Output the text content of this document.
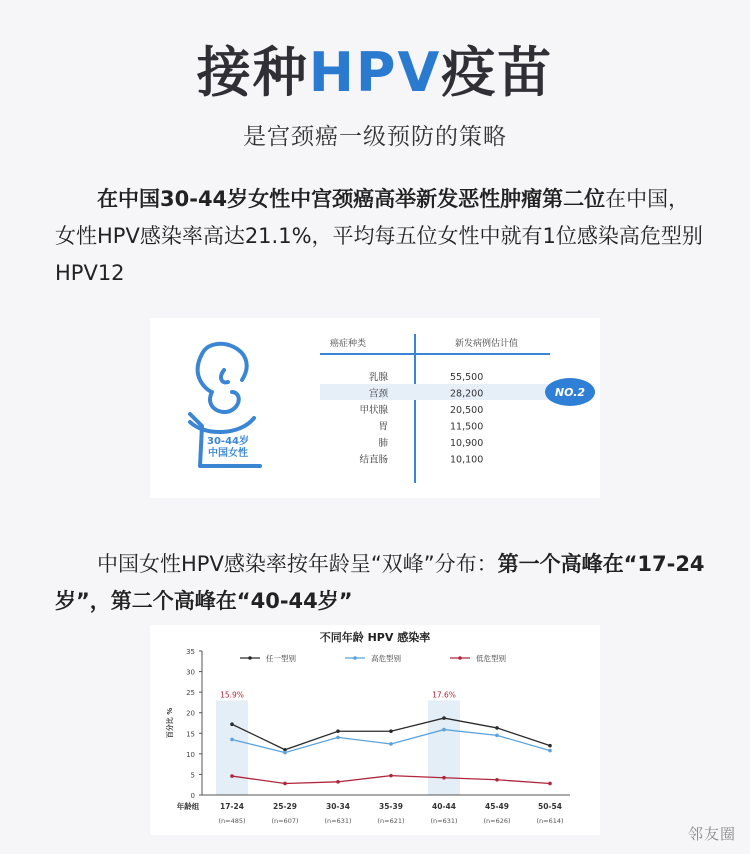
接种HPV疫苗
是宫颈癌一级预防的策略
在中国30-44岁女性中宫颈癌高举新发恶性肿瘤第二位在中国，女性HPV感染率高达21.1%，平均每五位女性中就有1位感染高危型别HPV12
30-44岁
中国女性
癌症种类	新发病例估计值
乳腺	55,500
宫颈	28,200
甲状腺	20,500
胃	11,500
肺	10,900
结直肠	10,100
NO.2
中国女性HPV感染率按年龄呈“双峰”分布：第一个高峰在“17-24岁”，第二个高峰在“40-44岁”
不同年龄 HPV 感染率
0
5
10
15
20
25
30
35
百分比 %
年龄组	17-24
(n=485)
25-29
(n=607)
30-34
(n=631)
35-39
(n=621)
40-44
(n=631)
45-49
(n=626)
50-54
(n=614)
任一型别	高危型别	低危型别
15.9%	17.6%
邻友圈
